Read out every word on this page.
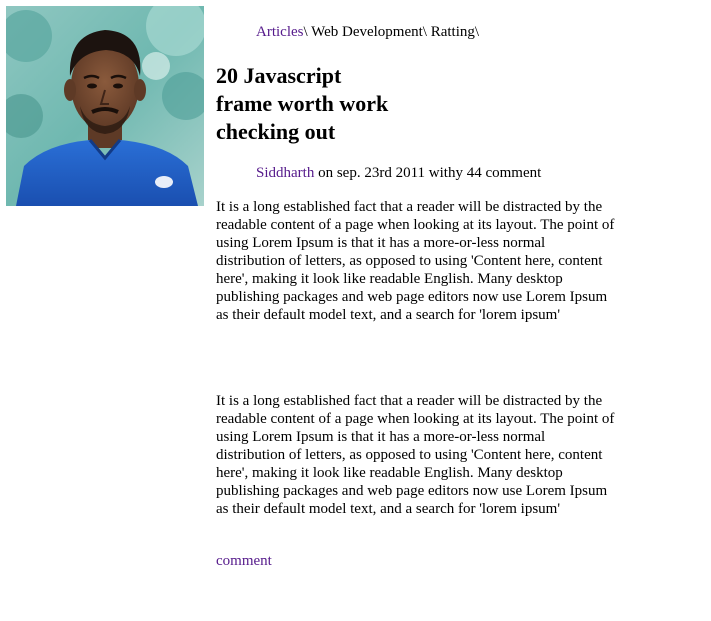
Articles\ Web Development\ Ratting\
20 Javascript
frame worth work
checking out
Siddharth on sep. 23rd 2011 withy 44 comment

It is a long established fact that a reader will be distracted by the readable content of a page when looking at its layout. The point of using Lorem Ipsum is that it has a more-or-less normal distribution of letters, as opposed to using 'Content here, content here', making it look like readable English. Many desktop publishing packages and web page editors now use Lorem Ipsum as their default model text, and a search for 'lorem ipsum'

It is a long established fact that a reader will be distracted by the readable content of a page when looking at its layout. The point of using Lorem Ipsum is that it has a more-or-less normal distribution of letters, as opposed to using 'Content here, content here', making it look like readable English. Many desktop publishing packages and web page editors now use Lorem Ipsum as their default model text, and a search for 'lorem ipsum'

comment
